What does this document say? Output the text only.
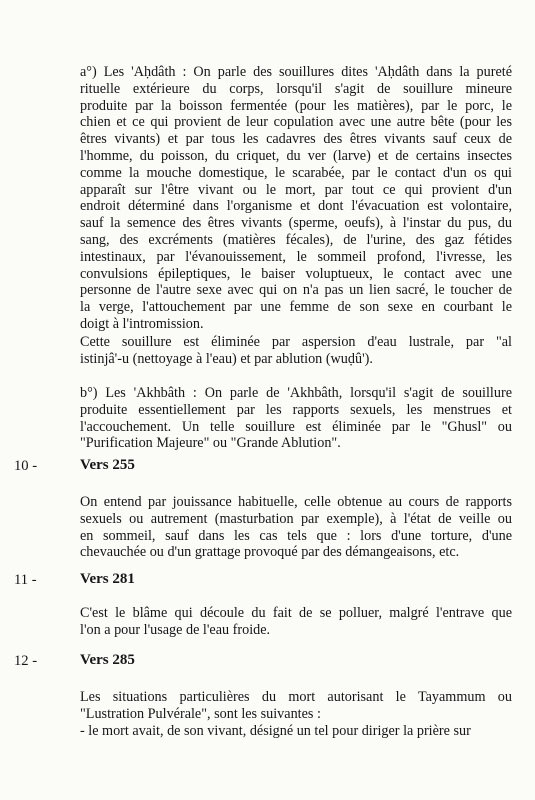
a°) Les 'Aḥdâth : On parle des souillures dites 'Aḥdâth dans la pureté
rituelle extérieure du corps, lorsqu'il s'agit de souillure mineure
produite par la boisson fermentée (pour les matières), par le porc, le
chien et ce qui provient de leur copulation avec une autre bête (pour les
êtres vivants) et par tous les cadavres des êtres vivants sauf ceux de
l'homme, du poisson, du criquet, du ver (larve) et de certains insectes
comme la mouche domestique, le scarabée, par le contact d'un os qui
apparaît sur l'être vivant ou le mort, par tout ce qui provient d'un
endroit déterminé dans l'organisme et dont l'évacuation est volontaire,
sauf la semence des êtres vivants (sperme, oeufs), à l'instar du pus, du
sang, des excréments (matières fécales), de l'urine, des gaz fétides
intestinaux, par l'évanouissement, le sommeil profond, l'ivresse, les
convulsions épileptiques, le baiser voluptueux, le contact avec une
personne de l'autre sexe avec qui on n'a pas un lien sacré, le toucher de
la verge, l'attouchement par une femme de son sexe en courbant le
doigt à l'intromission.
Cette souillure est éliminée par aspersion d'eau lustrale, par "al
istinjâ'-u (nettoyage à l'eau) et par ablution (wuḍû').
b°) Les 'Akhbâth : On parle de 'Akhbâth, lorsqu'il s'agit de souillure
produite essentiellement par les rapports sexuels, les menstrues et
l'accouchement. Un telle souillure est éliminée par le "Ghusl" ou
"Purification Majeure" ou "Grande Ablution".
10 -	Vers 255
On entend par jouissance habituelle, celle obtenue au cours de rapports
sexuels ou autrement (masturbation par exemple), à l'état de veille ou
en sommeil, sauf dans les cas tels que : lors d'une torture, d'une
chevauchée ou d'un grattage provoqué par des démangeaisons, etc.
11 -	Vers 281
C'est le blâme qui découle du fait de se polluer, malgré l'entrave que
l'on a pour l'usage de l'eau froide.
12 -	Vers 285
Les situations particulières du mort autorisant le Tayammum ou
"Lustration Pulvérale", sont les suivantes :
- le mort avait, de son vivant, désigné un tel pour diriger la prière sur
